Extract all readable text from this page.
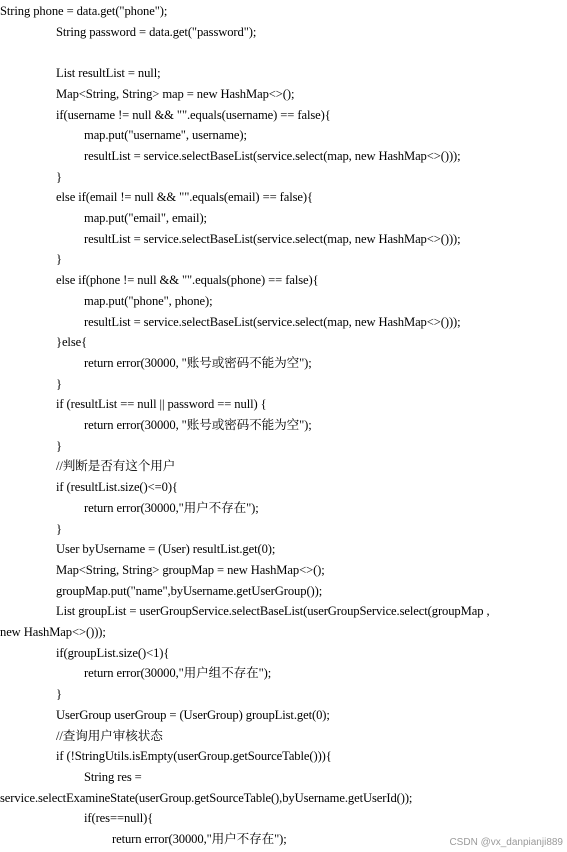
String phone = data.get("phone");
String password = data.get("password");
List resultList = null;
Map<String, String> map = new HashMap<>();
if(username != null && "".equals(username) == false){
map.put("username", username);
resultList = service.selectBaseList(service.select(map, new HashMap<>()));
}
else if(email != null && "".equals(email) == false){
map.put("email", email);
resultList = service.selectBaseList(service.select(map, new HashMap<>()));
}
else if(phone != null && "".equals(phone) == false){
map.put("phone", phone);
resultList = service.selectBaseList(service.select(map, new HashMap<>()));
}else{
return error(30000, "账号或密码不能为空");
}
if (resultList == null || password == null) {
return error(30000, "账号或密码不能为空");
}
//判断是否有这个用户
if (resultList.size()<=0){
return error(30000,"用户不存在");
}
User byUsername = (User) resultList.get(0);
Map<String, String> groupMap = new HashMap<>();
groupMap.put("name",byUsername.getUserGroup());
List groupList = userGroupService.selectBaseList(userGroupService.select(groupMap ,
new HashMap<>()));
if(groupList.size()<1){
return error(30000,"用户组不存在");
}
UserGroup userGroup = (UserGroup) groupList.get(0);
//查询用户审核状态
if (!StringUtils.isEmpty(userGroup.getSourceTable())){
String res =
service.selectExamineState(userGroup.getSourceTable(),byUsername.getUserId());
if(res==null){
return error(30000,"用户不存在");	CSDN @vx_danpianji889
